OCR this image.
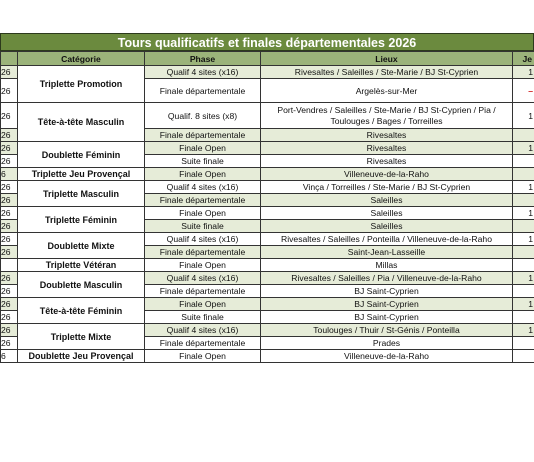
Tours qualificatifs et finales départementales 2026
	Catégorie	Phase	Lieux	Je
26	Triplette Promotion	Qualif 4 sites (x16)	Rivesaltes / Saleilles / Ste-Marie / BJ St-Cyprien	1
26		Finale départementale	Argelès-sur-Mer	–
26	Tête-à-tête Masculin	Qualif. 8 sites (x8)	Port-Vendres / Saleilles / Ste-Marie / BJ St-Cyprien / Pia / Toulouges / Bages / Torreilles	1
26		Finale départementale	Rivesaltes	
26	Doublette Féminin	Finale Open	Rivesaltes	1
26		Suite finale	Rivesaltes	
6	Triplette Jeu Provençal	Finale Open	Villeneuve-de-la-Raho	
26	Triplette Masculin	Qualif 4 sites (x16)	Vinça / Torreilles / Ste-Marie / BJ St-Cyprien	1
26		Finale départementale	Saleilles	
26	Triplette Féminin	Finale Open	Saleilles	1
26		Suite finale	Saleilles	
26	Doublette Mixte	Qualif 4 sites (x16)	Rivesaltes / Saleilles / Ponteilla / Villeneuve-de-la-Raho	1
26		Finale départementale	Saint-Jean-Lasseille	
	Triplette Vétéran	Finale Open	Millas	
26	Doublette Masculin	Qualif 4 sites (x16)	Rivesaltes / Saleilles / Pia / Villeneuve-de-la-Raho	1
26		Finale départementale	BJ Saint-Cyprien	
26	Tête-à-tête Féminin	Finale Open	BJ Saint-Cyprien	1
26		Suite finale	BJ Saint-Cyprien	
26	Triplette Mixte	Qualif 4 sites (x16)	Toulouges / Thuir / St-Génis / Ponteilla	1
26		Finale départementale	Prades	
6	Doublette Jeu Provençal	Finale Open	Villeneuve-de-la-Raho	
